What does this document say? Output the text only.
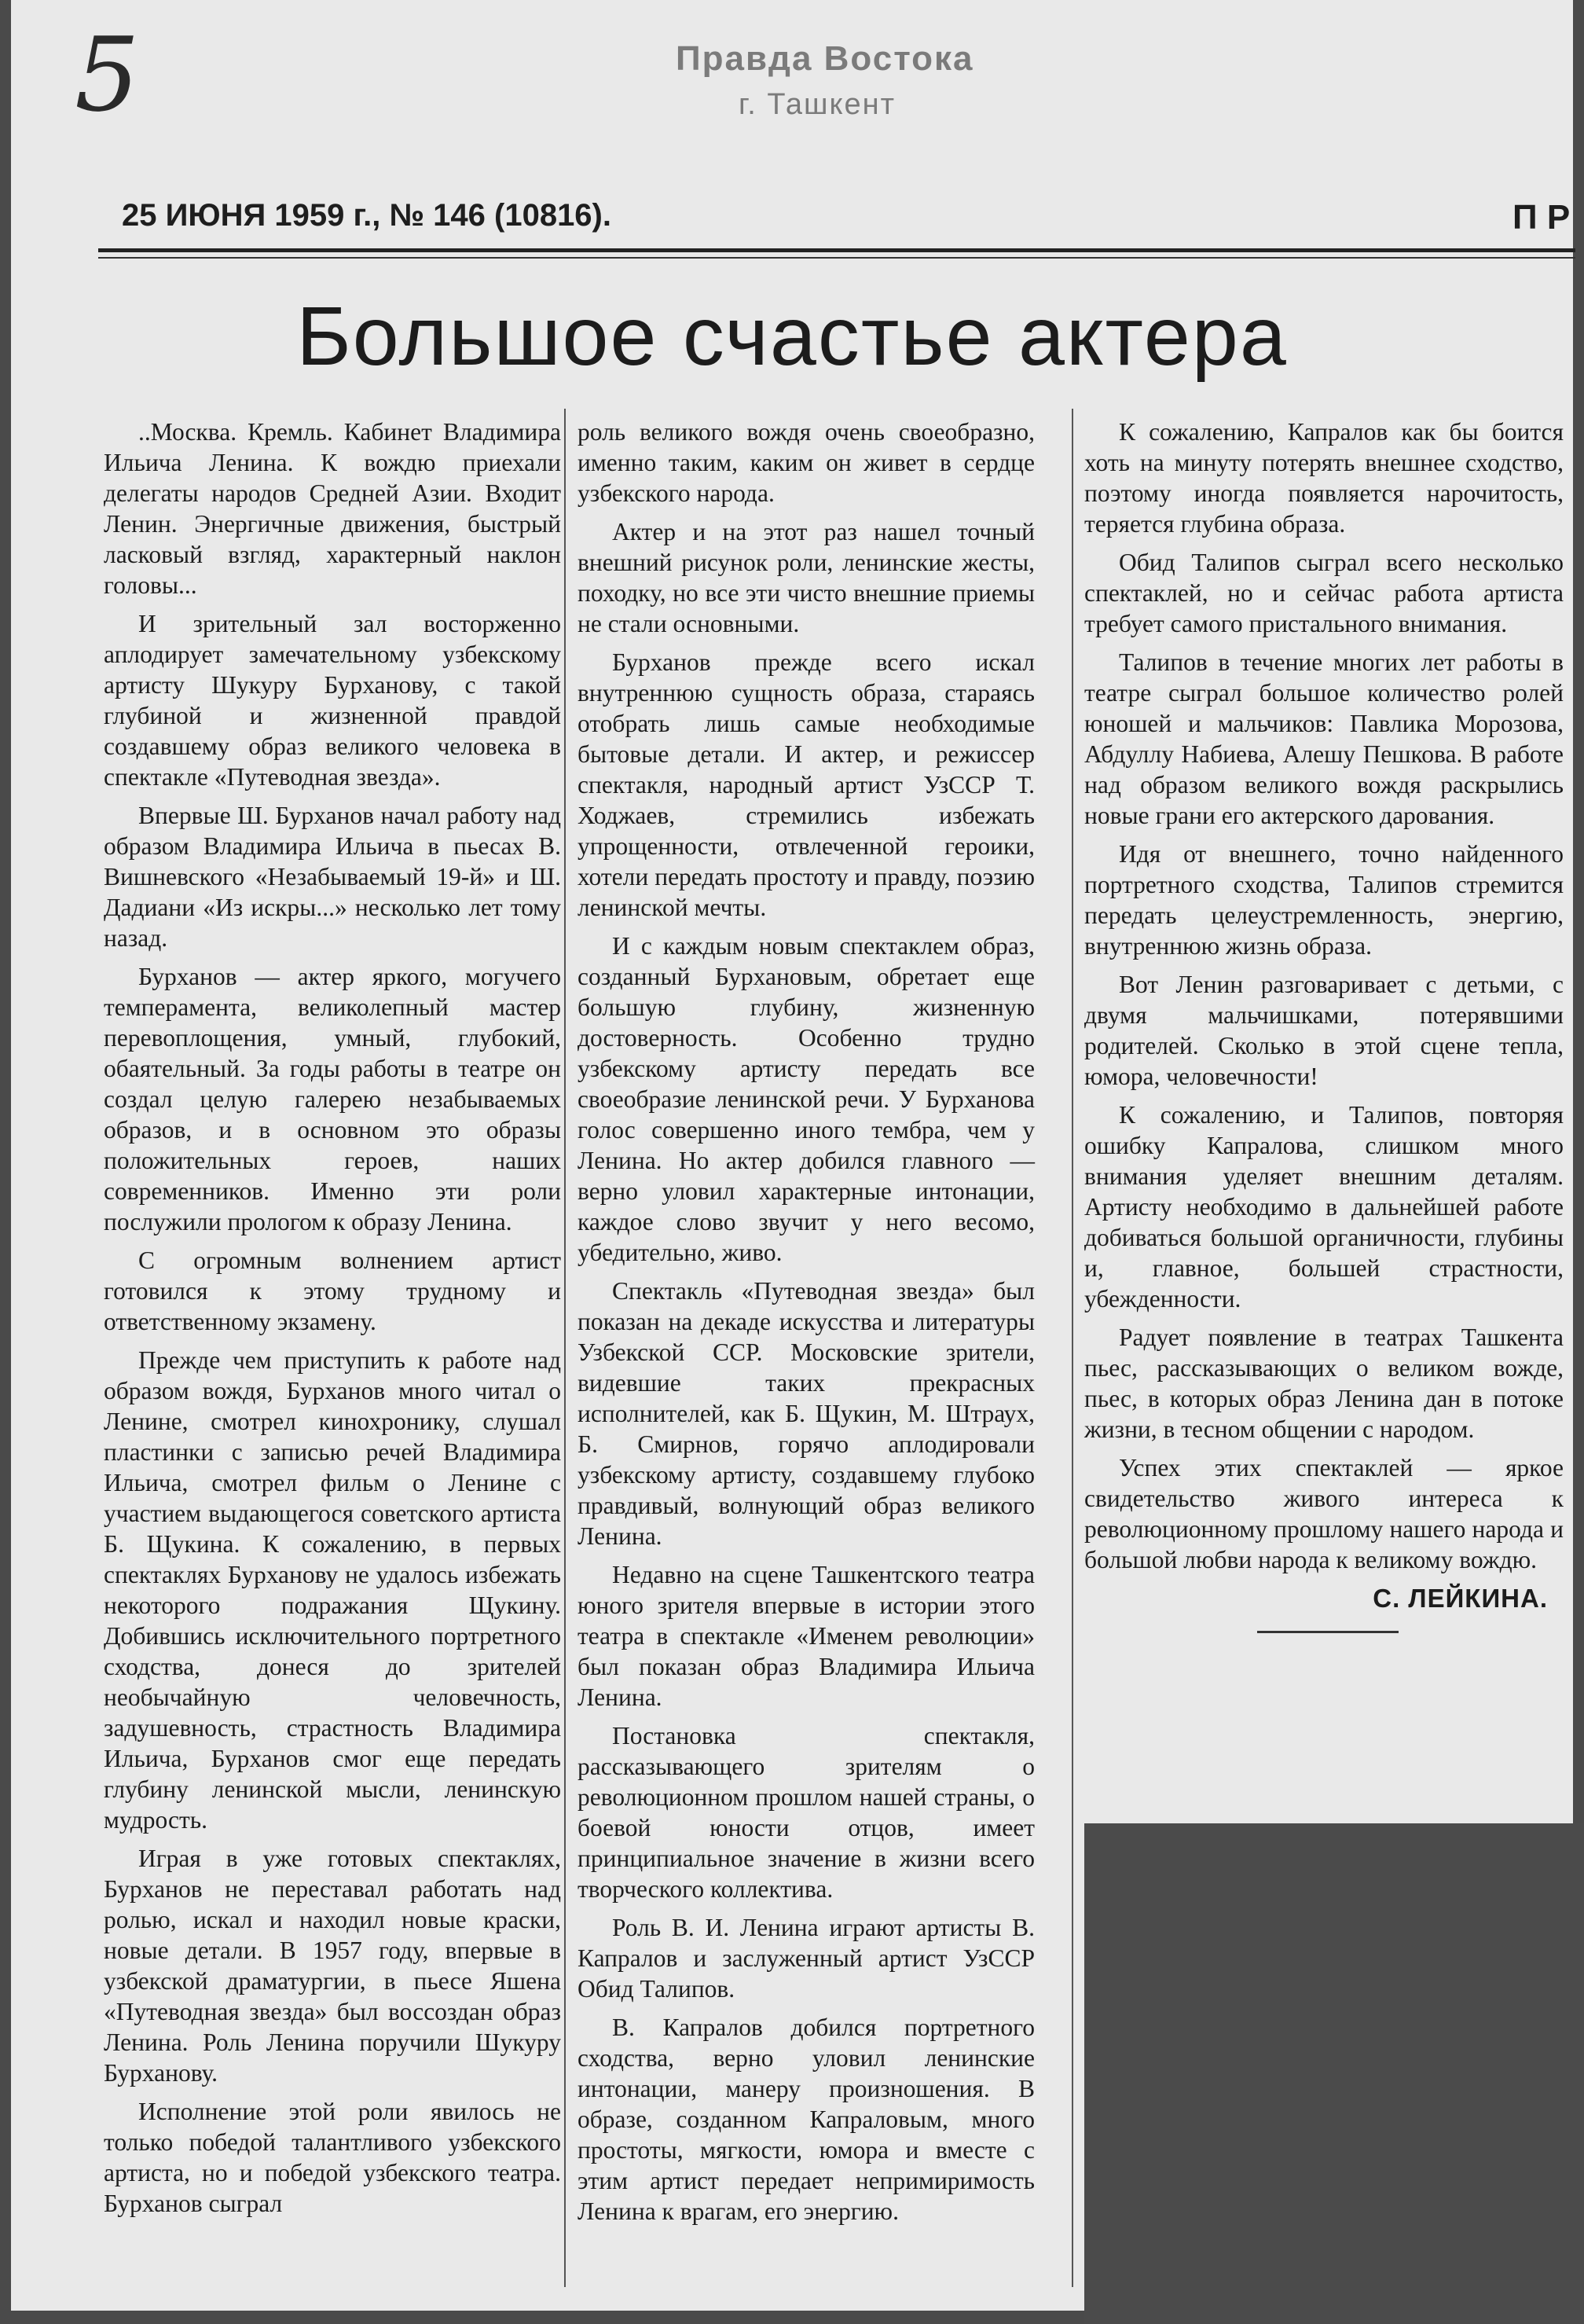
5	Правда Востока
г. Ташкент
25 ИЮНЯ 1959 г., № 146 (10816).	П Р
Большое счастье актера

..Москва. Кремль. Кабинет Владимира Ильича Ленина. К вождю приехали делегаты народов Средней Азии. Входит Ленин. Энергичные движения, быстрый ласковый взгляд, характерный наклон головы...

И зрительный зал восторженно аплодирует замечательному узбекскому артисту Шукуру Бурханову, с такой глубиной и жизненной правдой создавшему образ великого человека в спектакле «Путеводная звезда».

Впервые Ш. Бурханов начал работу над образом Владимира Ильича в пьесах В. Вишневского «Незабываемый 19-й» и Ш. Дадиани «Из искры...» несколько лет тому назад.

Бурханов — актер яркого, могучего темперамента, великолепный мастер перевоплощения, умный, глубокий, обаятельный. За годы работы в театре он создал целую галерею незабываемых образов, и в основном это образы положительных героев, наших современников. Именно эти роли послужили прологом к образу Ленина.

С огромным волнением артист готовился к этому трудному и ответственному экзамену.

Прежде чем приступить к работе над образом вождя, Бурханов много читал о Ленине, смотрел кинохронику, слушал пластинки с записью речей Владимира Ильича, смотрел фильм о Ленине с участием выдающегося советского артиста Б. Щукина. К сожалению, в первых спектаклях Бурханову не удалось избежать некоторого подражания Щукину. Добившись исключительного портретного сходства, донеся до зрителей необычайную человечность, задушевность, страстность Владимира Ильича, Бурханов смог еще передать глубину ленинской мысли, ленинскую мудрость.

Играя в уже готовых спектаклях, Бурханов не переставал работать над ролью, искал и находил новые краски, новые детали. В 1957 году, впервые в узбекской драматургии, в пьесе Яшена «Путеводная звезда» был воссоздан образ Ленина. Роль Ленина поручили Шукуру Бурханову.

Исполнение этой роли явилось не только победой талантливого узбекского артиста, но и победой узбекского театра. Бурханов сыграл

роль великого вождя очень своеобразно, именно таким, каким он живет в сердце узбекского народа.

Актер и на этот раз нашел точный внешний рисунок роли, ленинские жесты, походку, но все эти чисто внешние приемы не стали основными.

Бурханов прежде всего искал внутреннюю сущность образа, стараясь отобрать лишь самые необходимые бытовые детали. И актер, и режиссер спектакля, народный артист УзССР Т. Ходжаев, стремились избежать упрощенности, отвлеченной героики, хотели передать простоту и правду, поэзию ленинской мечты.

И с каждым новым спектаклем образ, созданный Бурхановым, обретает еще большую глубину, жизненную достоверность. Особенно трудно узбекскому артисту передать все своеобразие ленинской речи. У Бурханова голос совершенно иного тембра, чем у Ленина. Но актер добился главного — верно уловил характерные интонации, каждое слово звучит у него весомо, убедительно, живо.

Спектакль «Путеводная звезда» был показан на декаде искусства и литературы Узбекской ССР. Московские зрители, видевшие таких прекрасных исполнителей, как Б. Щукин, М. Штраух, Б. Смирнов, горячо аплодировали узбекскому артисту, создавшему глубоко правдивый, волнующий образ великого Ленина.

Недавно на сцене Ташкентского театра юного зрителя впервые в истории этого театра в спектакле «Именем революции» был показан образ Владимира Ильича Ленина.

Постановка спектакля, рассказывающего зрителям о революционном прошлом нашей страны, о боевой юности отцов, имеет принципиальное значение в жизни всего творческого коллектива.

Роль В. И. Ленина играют артисты В. Капралов и заслуженный артист УзССР Обид Талипов.

В. Капралов добился портретного сходства, верно уловил ленинские интонации, манеру произношения. В образе, созданном Капраловым, много простоты, мягкости, юмора и вместе с этим артист передает непримиримость Ленина к врагам, его энергию.

К сожалению, Капралов как бы боится хоть на минуту потерять внешнее сходство, поэтому иногда появляется нарочитость, теряется глубина образа.

Обид Талипов сыграл всего несколько спектаклей, но и сейчас работа артиста требует самого пристального внимания.

Талипов в течение многих лет работы в театре сыграл большое количество ролей юношей и мальчиков: Павлика Морозова, Абдуллу Набиева, Алешу Пешкова. В работе над образом великого вождя раскрылись новые грани его актерского дарования.

Идя от внешнего, точно найденного портретного сходства, Талипов стремится передать целеустремленность, энергию, внутреннюю жизнь образа.

Вот Ленин разговаривает с детьми, с двумя мальчишками, потерявшими родителей. Сколько в этой сцене тепла, юмора, человечности!

К сожалению, и Талипов, повторяя ошибку Капралова, слишком много внимания уделяет внешним деталям. Артисту необходимо в дальнейшей работе добиваться большой органичности, глубины и, главное, большей страстности, убежденности.

Радует появление в театрах Ташкента пьес, рассказывающих о великом вожде, пьес, в которых образ Ленина дан в потоке жизни, в тесном общении с народом.

Успех этих спектаклей — яркое свидетельство живого интереса к революционному прошлому нашего народа и большой любви народа к великому вождю.

С. ЛЕЙКИНА.
